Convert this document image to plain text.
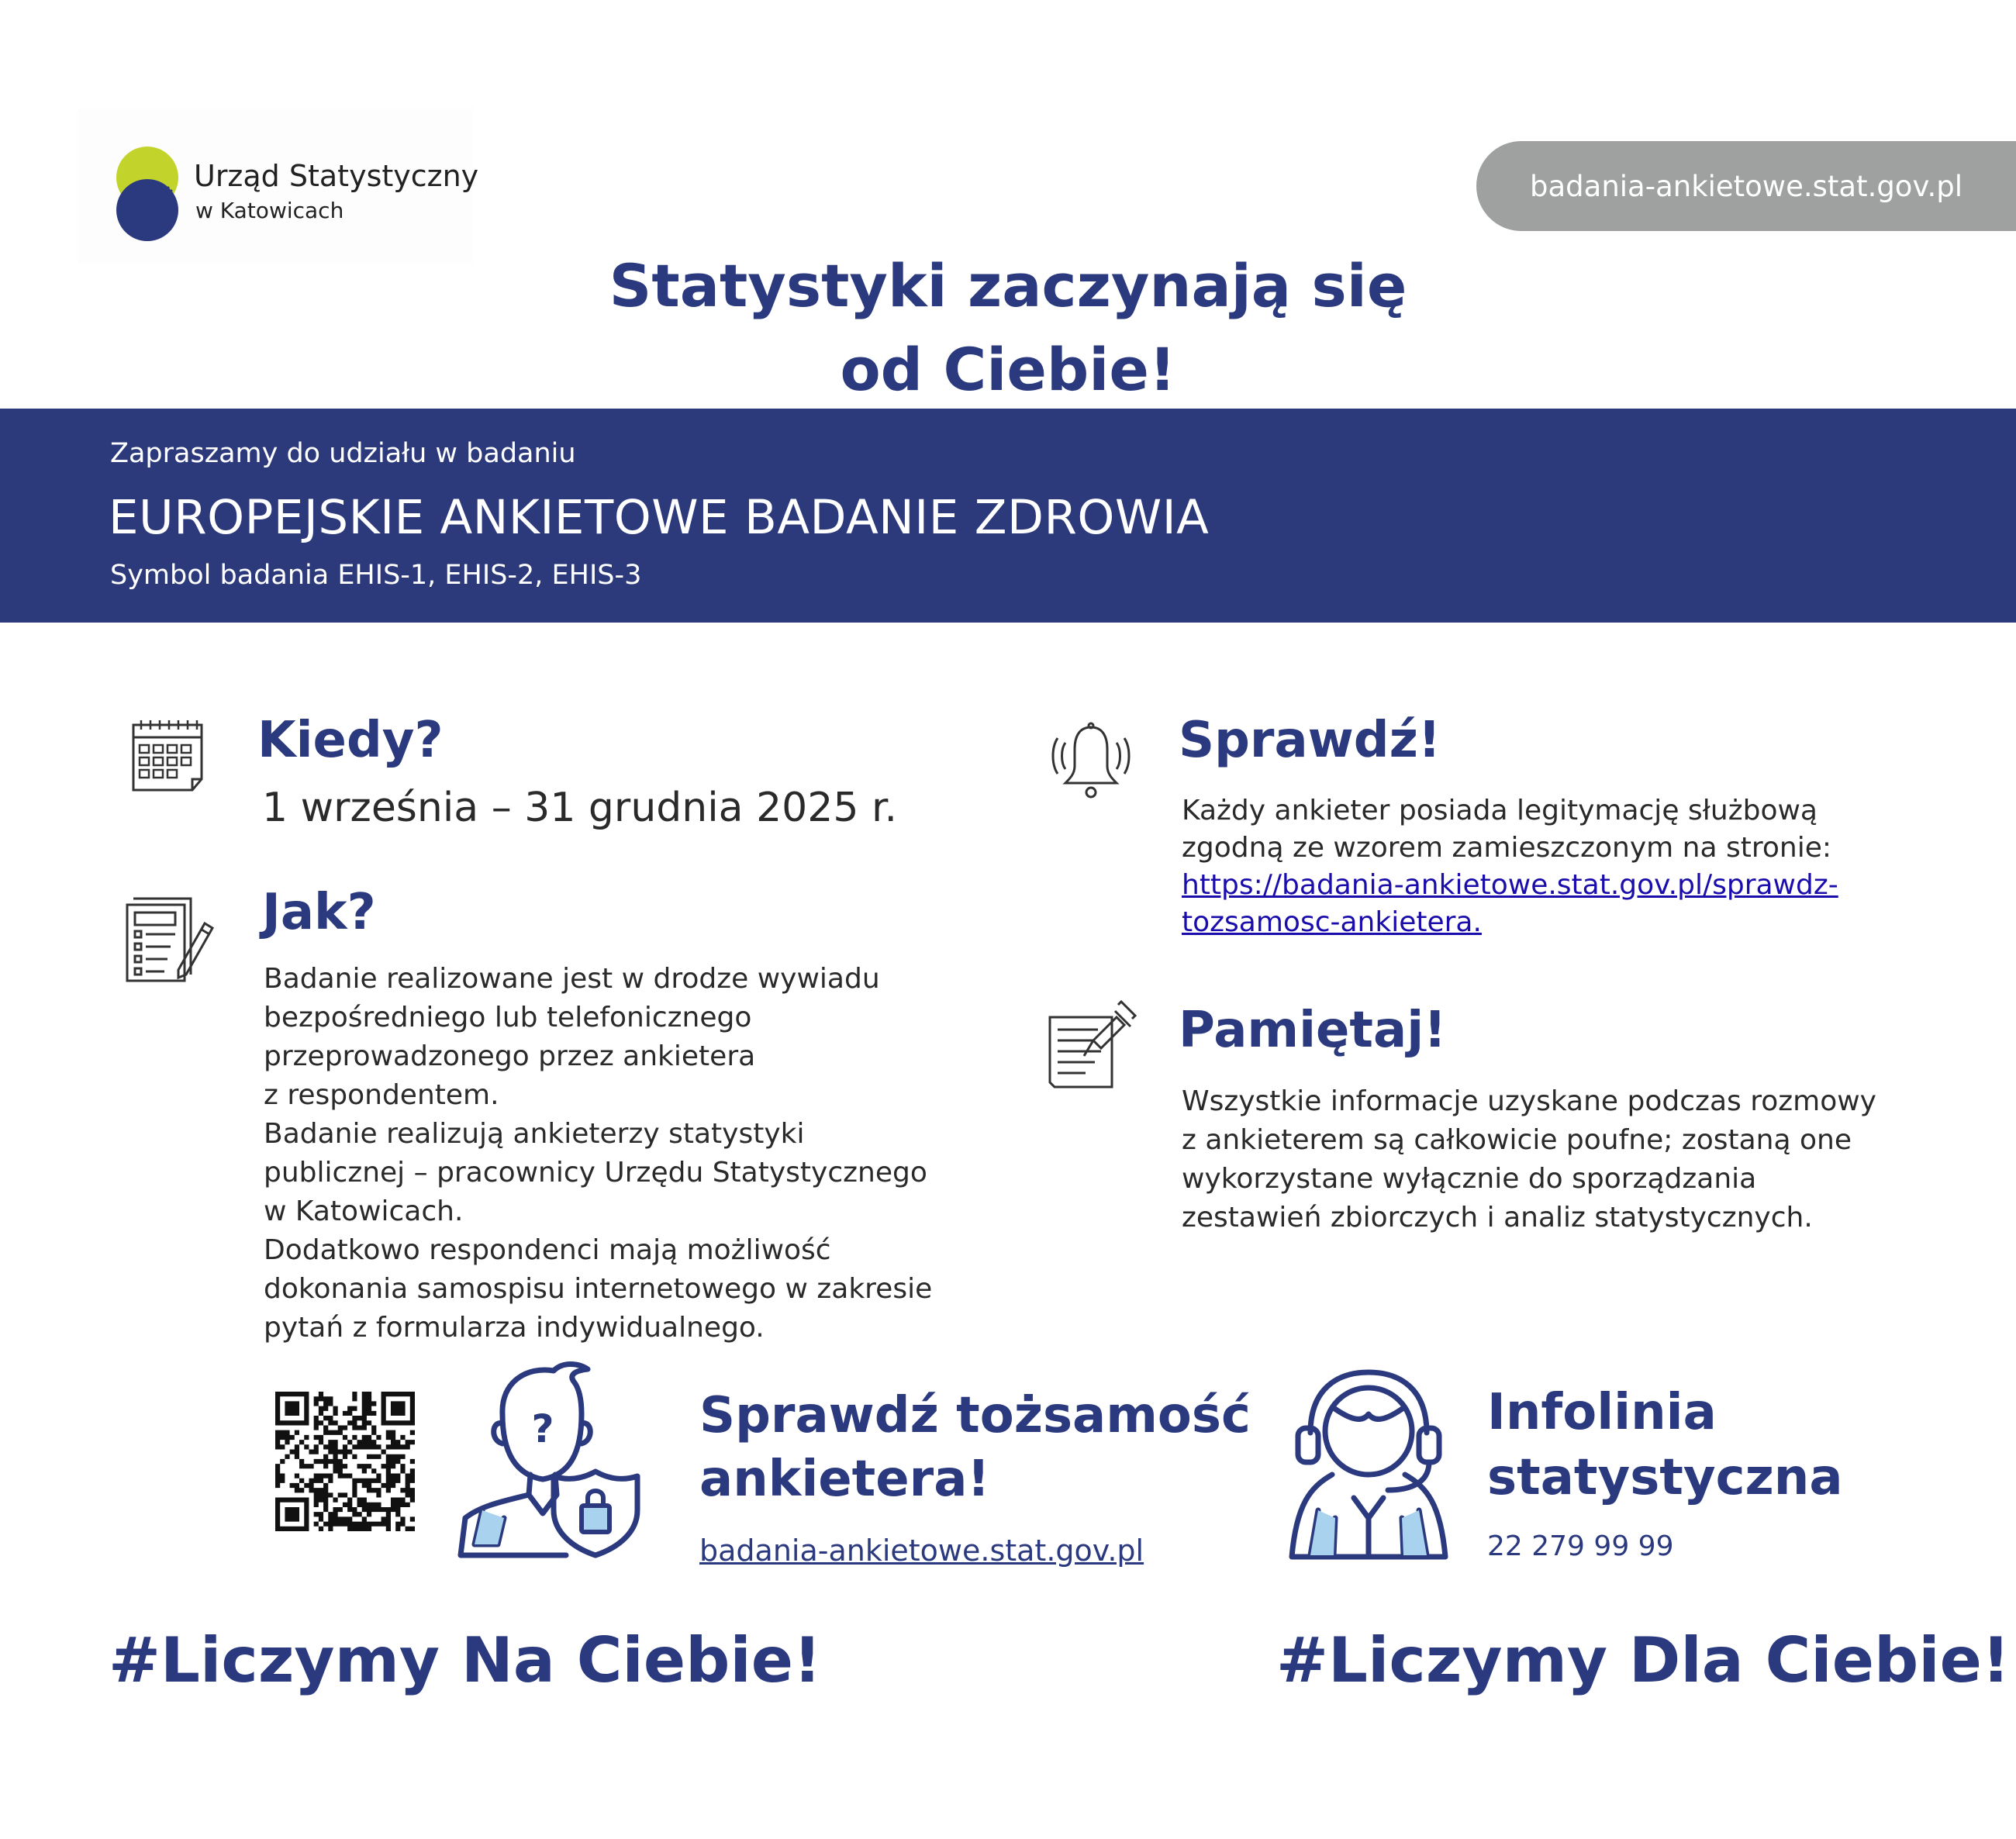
Urząd Statystyczny
w Katowicach
badania-ankietowe.stat.gov.pl
Statystyki zaczynają się
od Ciebie!
Zapraszamy do udziału w badaniu
EUROPEJSKIE ANKIETOWE BADANIE ZDROWIA
Symbol badania EHIS-1, EHIS-2, EHIS-3
Kiedy?
1 września – 31 grudnia 2025 r.
Jak?
Badanie realizowane jest w drodze wywiadu
bezpośredniego lub telefonicznego
przeprowadzonego przez ankietera
z respondentem.
Badanie realizują ankieterzy statystyki
publicznej – pracownicy Urzędu Statystycznego
w Katowicach.
Dodatkowo respondenci mają możliwość
dokonania samospisu internetowego w zakresie
pytań z formularza indywidualnego.
Sprawdź!
Każdy ankieter posiada legitymację służbową
zgodną ze wzorem zamieszczonym na stronie:
https://badania-ankietowe.stat.gov.pl/sprawdz-
tozsamosc-ankietera.
Pamiętaj!
Wszystkie informacje uzyskane podczas rozmowy
z ankieterem są całkowicie poufne; zostaną one
wykorzystane wyłącznie do sporządzania
zestawień zbiorczych i analiz statystycznych.
?	Sprawdź tożsamość
ankietera!
badania-ankietowe.stat.gov.pl
Infolinia
statystyczna
22 279 99 99
#Liczymy Na Ciebie!	#Liczymy Dla Ciebie!
